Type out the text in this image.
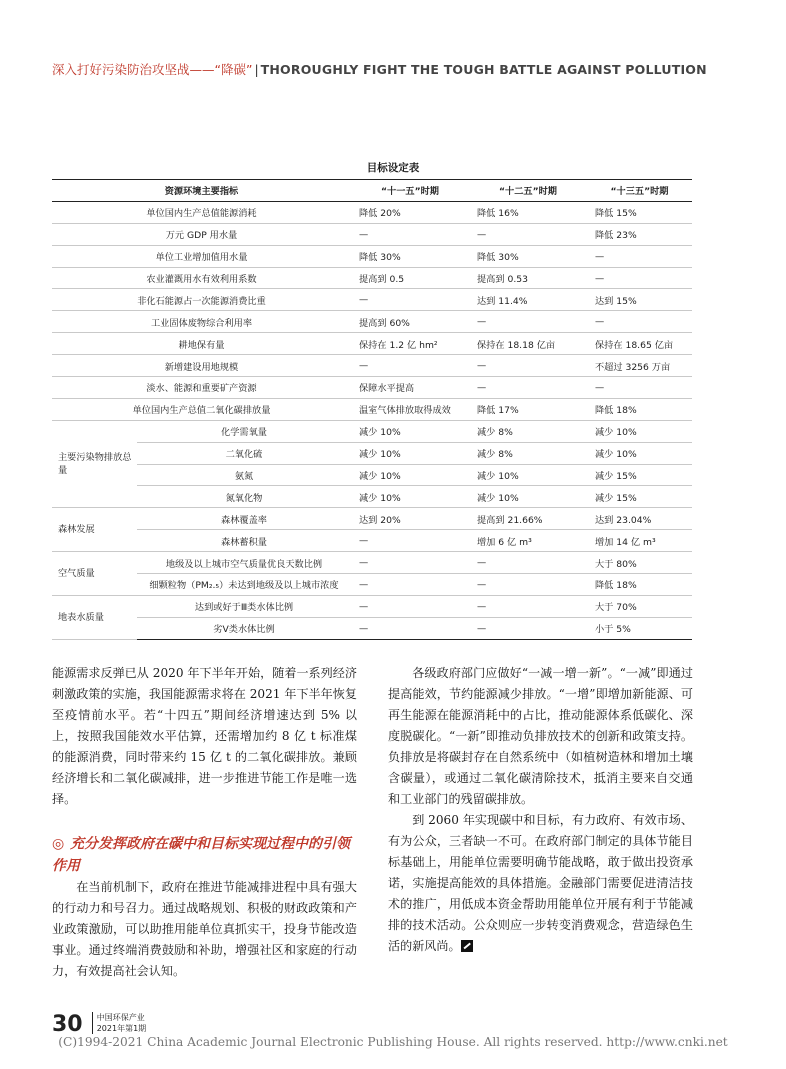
深入打好污染防治攻坚战——“降碳” | THOROUGHLY FIGHT THE TOUGH BATTLE AGAINST POLLUTION
目标设定表
资源环境主要指标		“十一五”时期	“十二五”时期	“十三五”时期
单位国内生产总值能源消耗		降低 20%	降低 16%	降低 15%
万元 GDP 用水量		—	—	降低 23%
单位工业增加值用水量		降低 30%	降低 30%	—
农业灌溉用水有效利用系数		提高到 0.5	提高到 0.53	—
非化石能源占一次能源消费比重		—	达到 11.4%	达到 15%
工业固体废物综合利用率		提高到 60%	—	—
耕地保有量		保持在 1.2 亿 hm²	保持在 18.18 亿亩	保持在 18.65 亿亩
新增建设用地规模		—	—	不超过 3256 万亩
淡水、能源和重要矿产资源		保障水平提高	—	—
单位国内生产总值二氧化碳排放量		温室气体排放取得成效	降低 17%	降低 18%
主要污染物排放总量	化学需氧量	减少 10%	减少 8%	减少 10%
	二氧化硫	减少 10%	减少 8%	减少 10%
	氨氮	减少 10%	减少 10%	减少 15%
	氮氧化物	减少 10%	减少 10%	减少 15%
森林发展	森林覆盖率	达到 20%	提高到 21.66%	达到 23.04%
	森林蓄积量	—	增加 6 亿 m³	增加 14 亿 m³
空气质量	地级及以上城市空气质量优良天数比例	—	—	大于 80%
	细颗粒物（PM₂.₅）未达到地级及以上城市浓度	—	—	降低 18%
地表水质量	达到或好于Ⅲ类水体比例	—	—	大于 70%
	劣Ⅴ类水体比例	—	—	小于 5%

能源需求反弹已从 2020 年下半年开始，随着一系列经济刺激政策的实施，我国能源需求将在 2021 年下半年恢复至疫情前水平。若“十四五”期间经济增速达到 5% 以上，按照我国能效水平估算，还需增加约 8 亿 t 标准煤的能源消费，同时带来约 15 亿 t 的二氧化碳排放。兼顾经济增长和二氧化碳减排，进一步推进节能工作是唯一选择。

◎ 充分发挥政府在碳中和目标实现过程中的引领作用

在当前机制下，政府在推进节能减排进程中具有强大的行动力和号召力。通过战略规划、积极的财政政策和产业政策激励，可以助推用能单位真抓实干，投身节能改造事业。通过终端消费鼓励和补助，增强社区和家庭的行动力，有效提高社会认知。

各级政府部门应做好“一减一增一新”。“一减”即通过提高能效，节约能源减少排放。“一增”即增加新能源、可再生能源在能源消耗中的占比，推动能源体系低碳化、深度脱碳化。“一新”即推动负排放技术的创新和政策支持。负排放是将碳封存在自然系统中（如植树造林和增加土壤含碳量），或通过二氧化碳清除技术，抵消主要来自交通和工业部门的残留碳排放。

到 2060 年实现碳中和目标，有力政府、有效市场、有为公众，三者缺一不可。在政府部门制定的具体节能目标基础上，用能单位需要明确节能战略，敢于做出投资承诺，实施提高能效的具体措施。金融部门需要促进清洁技术的推广，用低成本资金帮助用能单位开展有利于节能减排的技术活动。公众则应一步转变消费观念，营造绿色生活的新风尚。

30 中国环保产业
2021年第1期
(C)1994-2021 China Academic Journal Electronic Publishing House. All rights reserved. http://www.cnki.net
